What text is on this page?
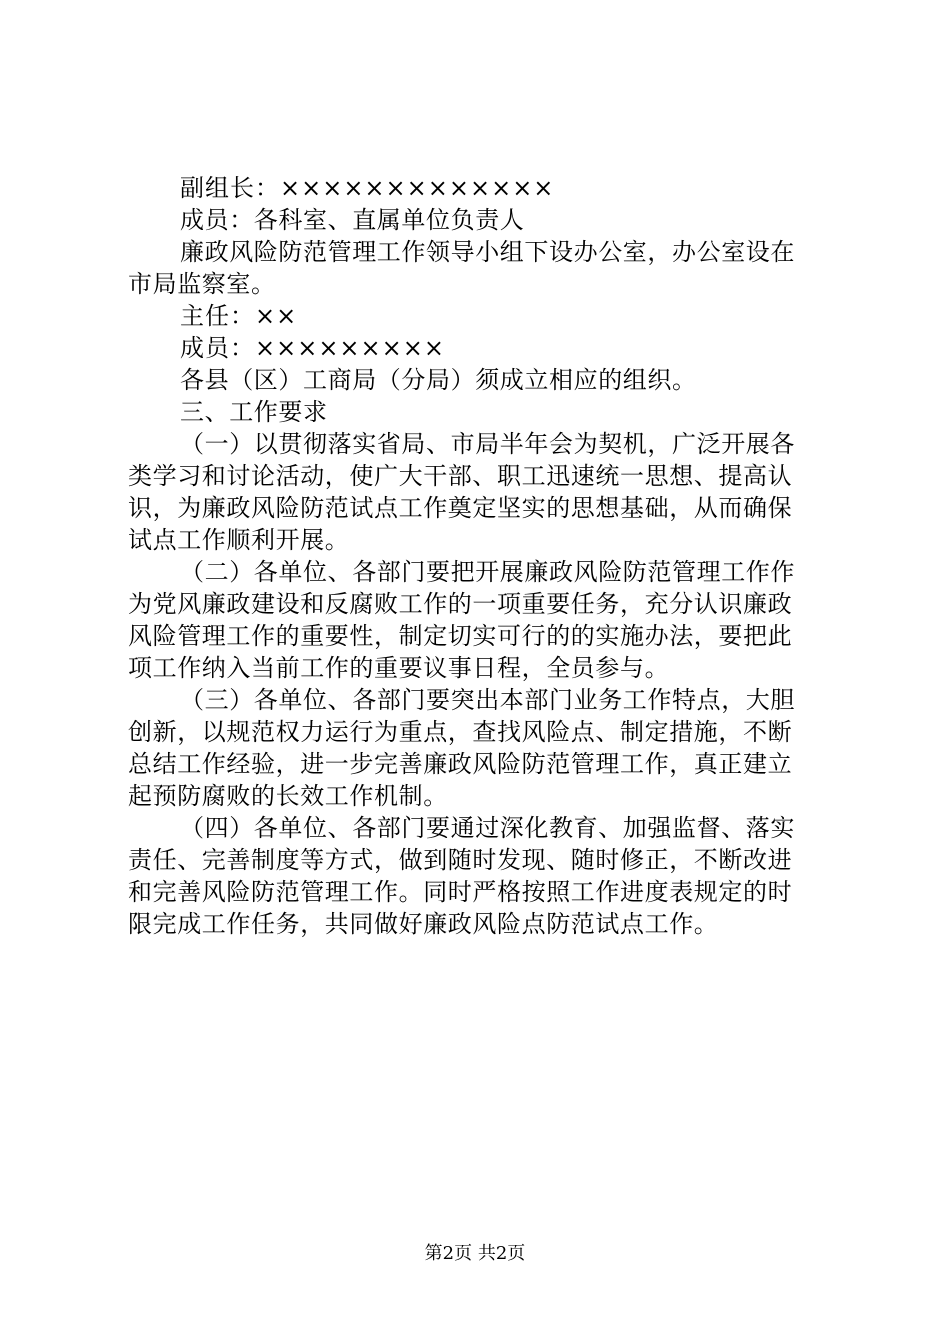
副组长：×××××××××××××

成员：各科室、直属单位负责人

廉政风险防范管理工作领导小组下设办公室，办公室设在

市局监察室。

主任：××

成员：×××××××××

各县（区）工商局（分局）须成立相应的组织。

三、工作要求

（一）以贯彻落实省局、市局半年会为契机，广泛开展各

类学习和讨论活动，使广大干部、职工迅速统一思想、提高认

识，为廉政风险防范试点工作奠定坚实的思想基础，从而确保

试点工作顺利开展。

（二）各单位、各部门要把开展廉政风险防范管理工作作

为党风廉政建设和反腐败工作的一项重要任务，充分认识廉政

风险管理工作的重要性，制定切实可行的的实施办法，要把此

项工作纳入当前工作的重要议事日程，全员参与。

（三）各单位、各部门要突出本部门业务工作特点，大胆

创新，以规范权力运行为重点，查找风险点、制定措施，不断

总结工作经验，进一步完善廉政风险防范管理工作，真正建立

起预防腐败的长效工作机制。

（四）各单位、各部门要通过深化教育、加强监督、落实

责任、完善制度等方式，做到随时发现、随时修正，不断改进

和完善风险防范管理工作。同时严格按照工作进度表规定的时

限完成工作任务，共同做好廉政风险点防范试点工作。

第2页 共2页
